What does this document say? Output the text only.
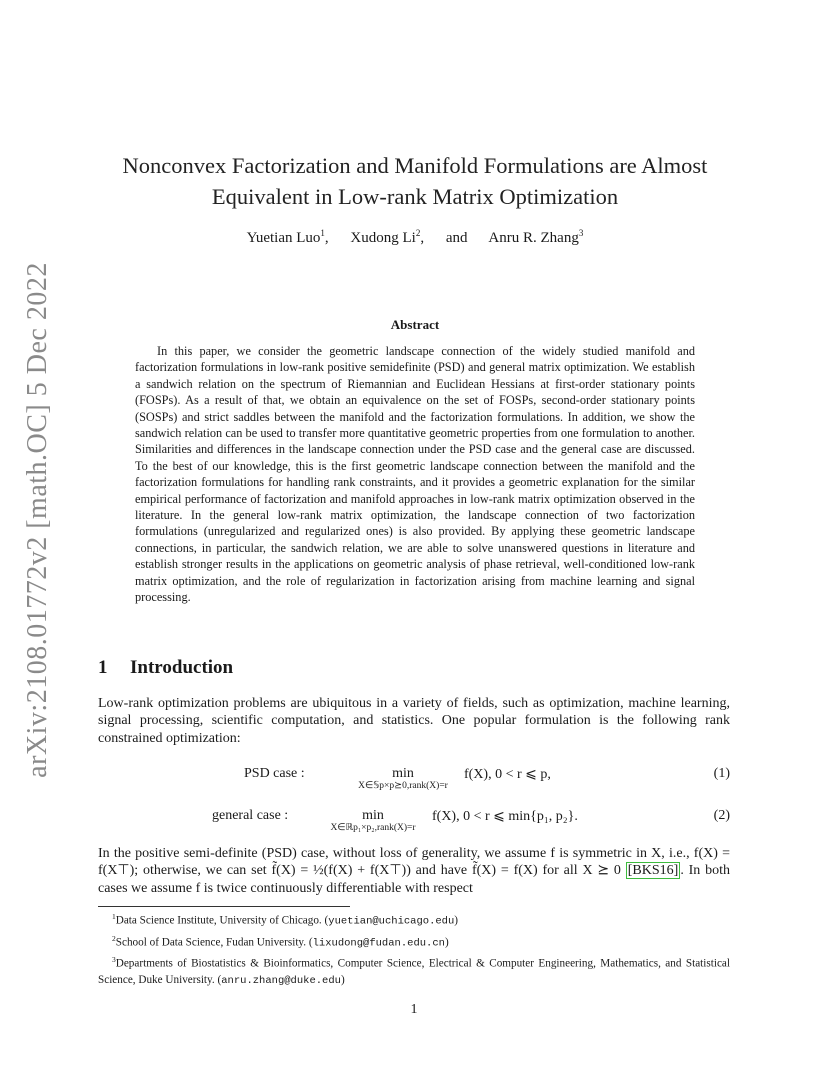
arXiv:2108.01772v2 [math.OC] 5 Dec 2022
Nonconvex Factorization and Manifold Formulations are Almost
Equivalent in Low-rank Matrix Optimization
Yuetian Luo$^1$, Xudong Li$^2$, and Anru R. Zhang$^3$
Abstract
In this paper, we consider the geometric landscape connection of the widely studied manifold and factorization formulations in low-rank positive semidefinite (PSD) and general matrix optimization. We establish a sandwich relation on the spectrum of Riemannian and Euclidean Hessians at first-order stationary points (FOSPs). As a result of that, we obtain an equivalence on the set of FOSPs, second-order stationary points (SOSPs) and strict saddles between the manifold and the factorization formulations. In addition, we show the sandwich relation can be used to transfer more quantitative geometric properties from one formulation to another. Similarities and differences in the landscape connection under the PSD case and the general case are discussed. To the best of our knowledge, this is the first geometric landscape connection between the manifold and the factorization formulations for handling rank constraints, and it provides a geometric explanation for the similar empirical performance of factorization and manifold approaches in low-rank matrix optimization observed in the literature. In the general low-rank matrix optimization, the landscape connection of two factorization formulations (unregularized and regularized ones) is also provided. By applying these geometric landscape connections, in particular, the sandwich relation, we are able to solve unanswered questions in literature and establish stronger results in the applications on geometric analysis of phase retrieval, well-conditioned low-rank matrix optimization, and the role of regularization in factorization arising from machine learning and signal processing.
1 Introduction
Low-rank optimization problems are ubiquitous in a variety of fields, such as optimization, machine learning, signal processing, scientific computation, and statistics. One popular formulation is the following rank constrained optimization:
PSD case :	min
X∈𝕊p×p⪰0,rank(X)=r
f(X), 0 < r ⩽ p,	(1)
general case :	min
X∈ℝp₁×p₂,rank(X)=r
f(X), 0 < r ⩽ min{p₁, p₂}.	(2)
In the positive semi-definite (PSD) case, without loss of generality, we assume f is symmetric in X, i.e., f(X) = f(X⊤); otherwise, we can set f̃(X) = ½(f(X) + f(X⊤)) and have f̃(X) = f(X) for all X ⪰ 0 [BKS16] . In both cases we assume f is twice continuously differentiable with respect

$^1$Data Science Institute, University of Chicago. (yuetian@uchicago.edu)

$^2$School of Data Science, Fudan University. (lixudong@fudan.edu.cn)

$^3$Departments of Biostatistics & Bioinformatics, Computer Science, Electrical & Computer Engineering, Mathematics, and Statistical Science, Duke University. (anru.zhang@duke.edu)

1
